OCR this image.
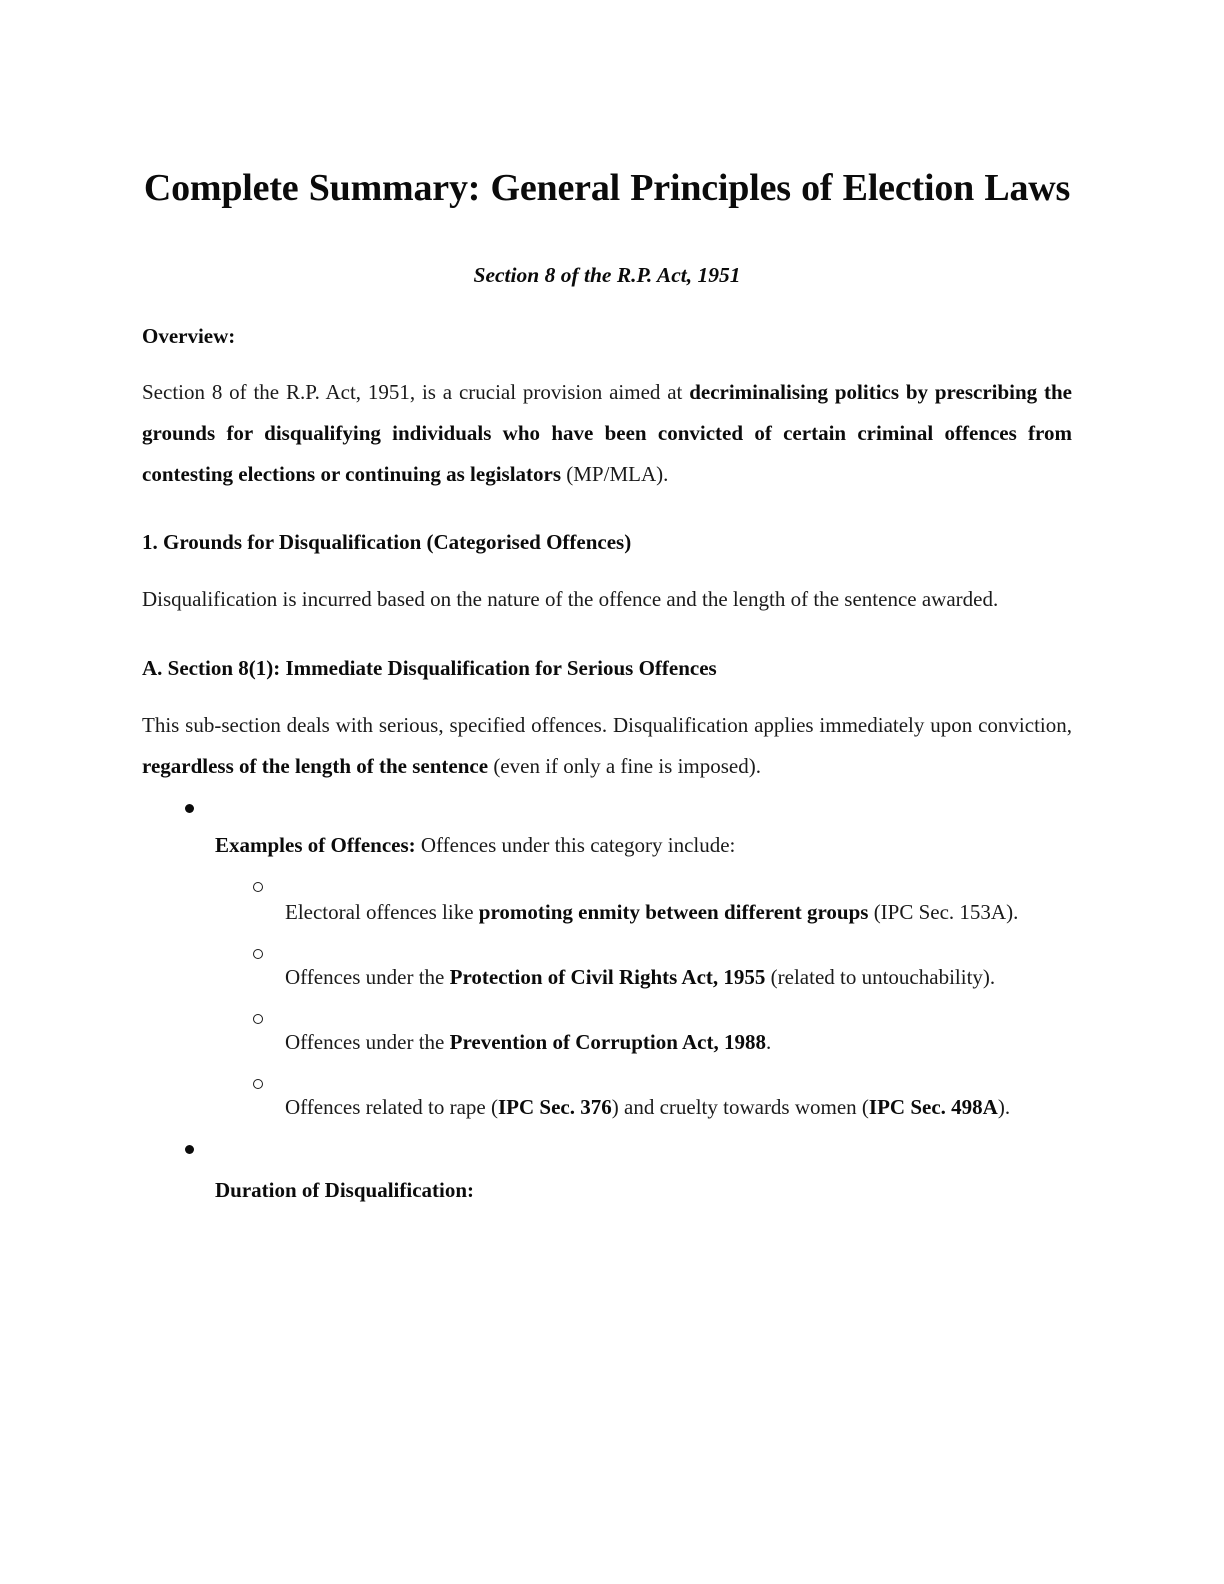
Complete Summary: General Principles of Election Laws

Section 8 of the R.P. Act, 1951

Overview:

Section 8 of the R.P. Act, 1951, is a crucial provision aimed at decriminalising politics by prescribing the grounds for disqualifying individuals who have been convicted of certain criminal offences from contesting elections or continuing as legislators (MP/MLA).

1. Grounds for Disqualification (Categorised Offences)

Disqualification is incurred based on the nature of the offence and the length of the sentence awarded.

A. Section 8(1): Immediate Disqualification for Serious Offences

This sub-section deals with serious, specified offences. Disqualification applies immediately upon conviction, regardless of the length of the sentence (even if only a fine is imposed).

Examples of Offences: Offences under this category include:
Electoral offences like promoting enmity between different groups (IPC Sec. 153A).
Offences under the Protection of Civil Rights Act, 1955 (related to untouchability).
Offences under the Prevention of Corruption Act, 1988.
Offences related to rape (IPC Sec. 376) and cruelty towards women (IPC Sec. 498A).
Duration of Disqualification:
